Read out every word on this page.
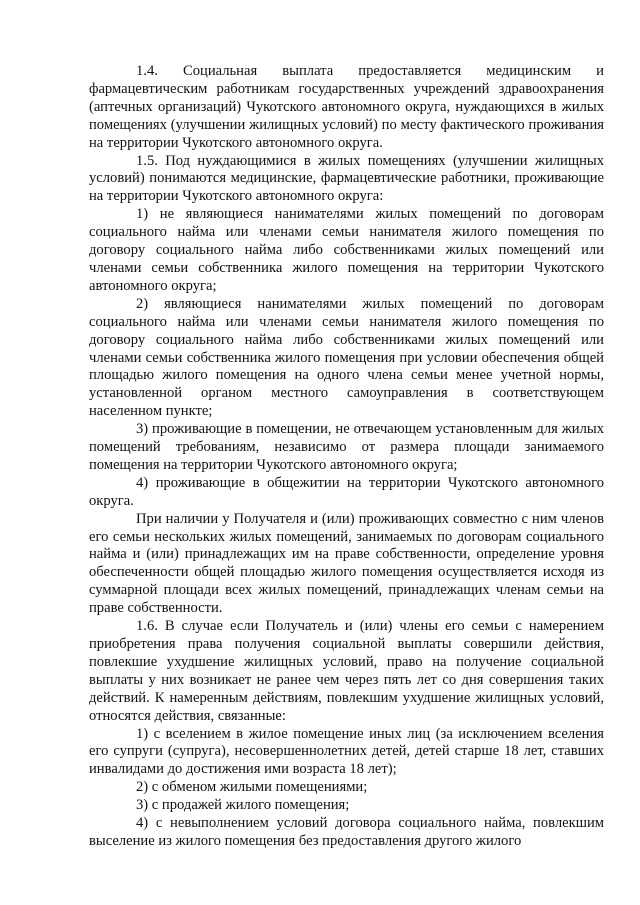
1.4. Социальная выплата предоставляется медицинским и фармацевтическим работникам государственных учреждений здравоохранения (аптечных организаций) Чукотского автономного округа, нуждающихся в жилых помещениях (улучшении жилищных условий) по месту фактического проживания на территории Чукотского автономного округа.

1.5. Под нуждающимися в жилых помещениях (улучшении жилищных условий) понимаются медицинские, фармацевтические работники, проживающие на территории Чукотского автономного округа:

1) не являющиеся нанимателями жилых помещений по договорам социального найма или членами семьи нанимателя жилого помещения по договору социального найма либо собственниками жилых помещений или членами семьи собственника жилого помещения на территории Чукотского автономного округа;

2) являющиеся нанимателями жилых помещений по договорам социального найма или членами семьи нанимателя жилого помещения по договору социального найма либо собственниками жилых помещений или членами семьи собственника жилого помещения при условии обеспечения общей площадью жилого помещения на одного члена семьи менее учетной нормы, установленной органом местного самоуправления в соответствующем населенном пункте;

3) проживающие в помещении, не отвечающем установленным для жилых помещений требованиям, независимо от размера площади занимаемого помещения на территории Чукотского автономного округа;

4) проживающие в общежитии на территории Чукотского автономного округа.

При наличии у Получателя и (или) проживающих совместно с ним членов его семьи нескольких жилых помещений, занимаемых по договорам социального найма и (или) принадлежащих им на праве собственности, определение уровня обеспеченности общей площадью жилого помещения осуществляется исходя из суммарной площади всех жилых помещений, принадлежащих членам семьи на праве собственности.

1.6. В случае если Получатель и (или) члены его семьи с намерением приобретения права получения социальной выплаты совершили действия, повлекшие ухудшение жилищных условий, право на получение социальной выплаты у них возникает не ранее чем через пять лет со дня совершения таких действий. К намеренным действиям, повлекшим ухудшение жилищных условий, относятся действия, связанные:

1) с вселением в жилое помещение иных лиц (за исключением вселения его супруги (супруга), несовершеннолетних детей, детей старше 18 лет, ставших инвалидами до достижения ими возраста 18 лет);

2) с обменом жилыми помещениями;

3) с продажей жилого помещения;

4) с невыполнением условий договора социального найма, повлекшим выселение из жилого помещения без предоставления другого жилого
